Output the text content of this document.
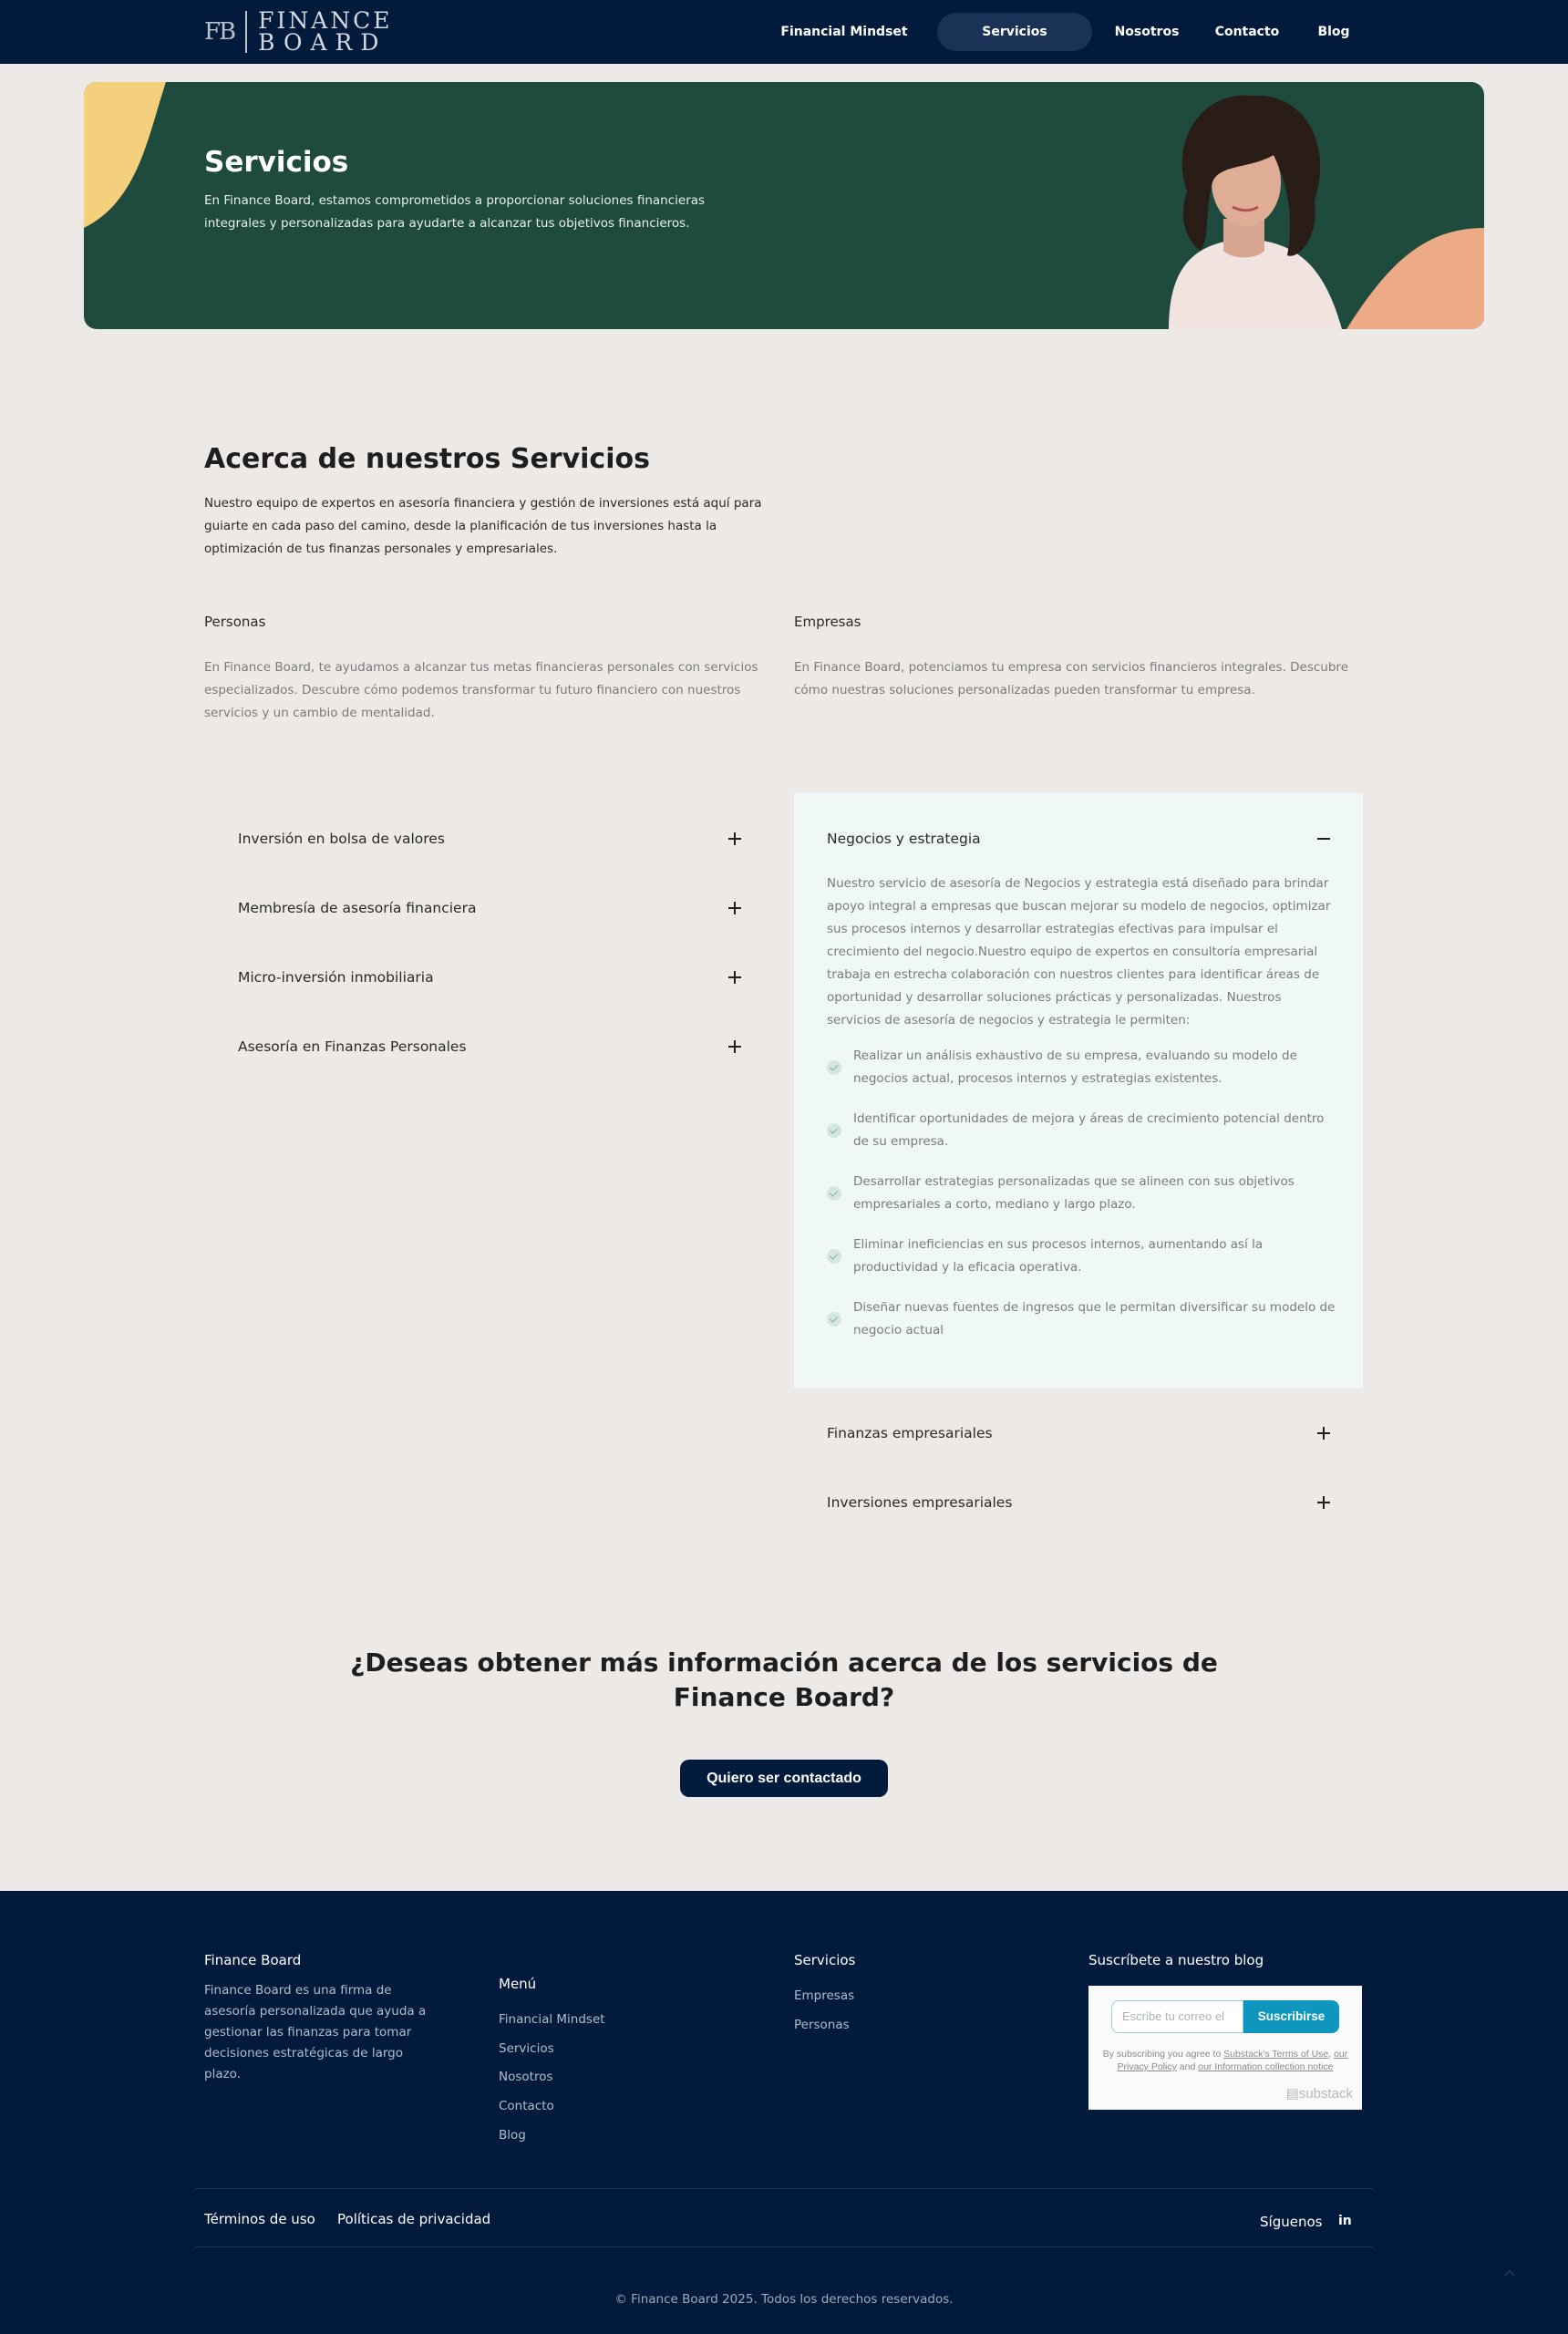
FB	FINANCE
BOARD	Financial Mindset	Servicios	Nosotros	Contacto	Blog
Servicios
En Finance Board, estamos comprometidos a proporcionar soluciones financieras integrales y personalizadas para ayudarte a alcanzar tus objetivos financieros.
Acerca de nuestros Servicios
Nuestro equipo de expertos en asesoría financiera y gestión de inversiones está aquí para guiarte en cada paso del camino, desde la planificación de tus inversiones hasta la optimización de tus finanzas personales y empresariales.
Personas
En Finance Board, te ayudamos a alcanzar tus metas financieras personales con servicios especializados. Descubre cómo podemos transformar tu futuro financiero con nuestros servicios y un cambio de mentalidad.
Empresas
En Finance Board, potenciamos tu empresa con servicios financieros integrales. Descubre cómo nuestras soluciones personalizadas pueden transformar tu empresa.
Inversión en bolsa de valores
Membresía de asesoría financiera
Micro-inversión inmobiliaria
Asesoría en Finanzas Personales
Negocios y estrategia
Nuestro servicio de asesoría de Negocios y estrategia está diseñado para brindar apoyo integral a empresas que buscan mejorar su modelo de negocios, optimizar sus procesos internos y desarrollar estrategias efectivas para impulsar el crecimiento del negocio.Nuestro equipo de expertos en consultoría empresarial trabaja en estrecha colaboración con nuestros clientes para identificar áreas de oportunidad y desarrollar soluciones prácticas y personalizadas. Nuestros servicios de asesoría de negocios y estrategia le permiten:
Realizar un análisis exhaustivo de su empresa, evaluando su modelo de negocios actual, procesos internos y estrategias existentes.
Identificar oportunidades de mejora y áreas de crecimiento potencial dentro de su empresa.
Desarrollar estrategias personalizadas que se alineen con sus objetivos empresariales a corto, mediano y largo plazo.
Eliminar ineficiencias en sus procesos internos, aumentando así la productividad y la eficacia operativa.
Diseñar nuevas fuentes de ingresos que le permitan diversificar su modelo de negocio actual
Finanzas empresariales
Inversiones empresariales
¿Deseas obtener más información acerca de los servicios de Finance Board?
Quiero ser contactado
Finance Board
Finance Board es una firma de asesoría personalizada que ayuda a gestionar las finanzas para tomar decisiones estratégicas de largo plazo.
Menú
Financial Mindset
Servicios
Nosotros
Contacto
Blog
Servicios
Empresas
Personas
Suscríbete a nuestro blog
Escribe tu correo el	Suscribirse
By subscribing you agree to Substack's Terms of Use, our Privacy Policy and our Information collection notice
▤substack
Términos de uso Políticas de privacidad	Síguenos in
© Finance Board 2025. Todos los derechos reservados.
